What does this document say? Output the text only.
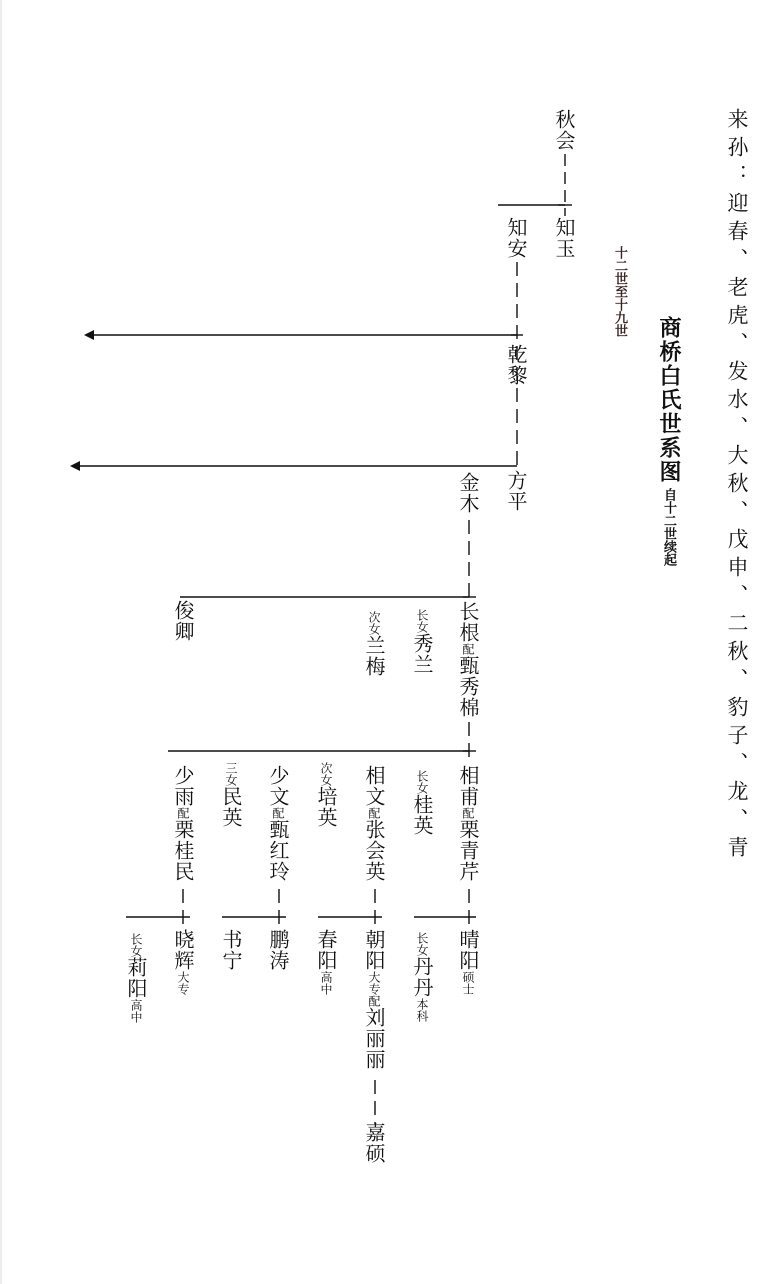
来孙：迎春、老虎、发水、大秋、戊申、二秋、豹子、龙、青
商桥白氏世系图
自十二世续起
十二世至十九世
秋会
知玉
知安
乾黎
方平
金木
长根配甄秀棉
长女秀兰
次女兰梅
俊卿
相甫配栗青芹
长女桂英
相文配张会英
次女培英
少文配甄红玲
三女民英
少雨配栗桂民
晴阳硕士
长女丹丹本科
朝阳大专配刘丽丽
嘉硕
春阳高中
鹏涛
书宁
晓辉大专
长女莉阳高中
